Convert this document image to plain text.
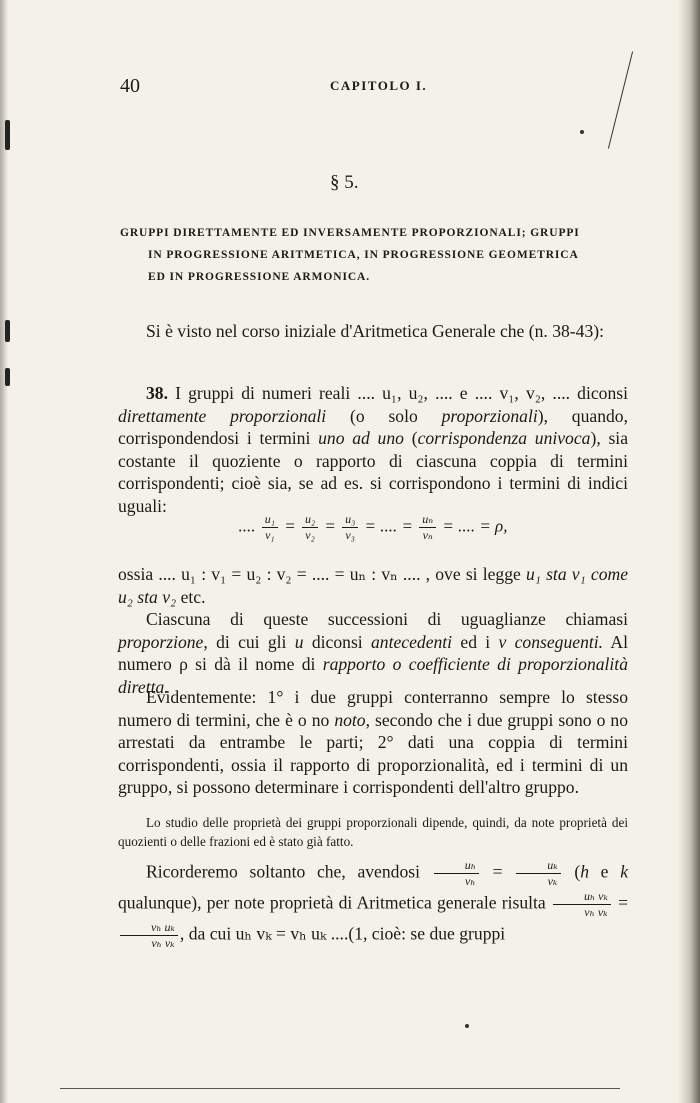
40	CAPITOLO I.
§ 5.
GRUPPI DIRETTAMENTE ED INVERSAMENTE PROPORZIONALI; GRUPPI
IN PROGRESSIONE ARITMETICA, IN PROGRESSIONE GEOMETRICA
ED IN PROGRESSIONE ARMONICA.

Si è visto nel corso iniziale d'Aritmetica Generale che (n. 38-43):

38. I gruppi di numeri reali .... u₁, u₂, .... e .... v₁, v₂, .... diconsi direttamente proporzionali (o solo proporzionali), quando, corrispondendosi i termini uno ad uno (corrispondenza univoca), sia costante il quoziente o rapporto di ciascuna coppia di termini corrispondenti; cioè sia, se ad es. si corrispondono i termini di indici uguali:

.... $\frac{\text{u₁}}{\text{v₁}} = \frac{\text{u₂}}{\text{v₂}} = \frac{\text{u₃}}{\text{v₃}}$ = .... = $\frac{\text{uₙ}}{\text{vₙ}}$ = .... = ρ,

ossia .... u₁ : v₁ = u₂ : v₂ = .... = uₙ : vₙ .... , ove si legge u₁ sta v₁ come u₂ sta v₂ etc.

Ciascuna di queste successioni di uguaglianze chiamasi proporzione, di cui gli u diconsi antecedenti ed i v conseguenti. Al numero ρ si dà il nome di rapporto o coefficiente di proporzionalità diretta.

Evidentemente: 1° i due gruppi conterranno sempre lo stesso numero di termini, che è o no noto, secondo che i due gruppi sono o no arrestati da entrambe le parti; 2° dati una coppia di termini corrispondenti, ossia il rapporto di proporzionalità, ed i termini di un gruppo, si possono determinare i corrispondenti dell'altro gruppo.

Lo studio delle proprietà dei gruppi proporzionali dipende, quindi, da note proprietà dei quozienti o delle frazioni ed è stato già fatto.

Ricorderemo soltanto che, avendosi $\frac{\text{uₕ}}{\text{vₕ}} = \frac{\text{uₖ}}{\text{vₖ}} (h$ e k qualunque), per note proprietà di Aritmetica generale risulta $\frac{\text{uₕ vₖ}}{\text{vₕ vₖ}}$ =
$\frac{\text{vₕ uₖ}}{\text{vₕ vₖ}}$ , da cui uₕ vₖ = vₕ uₖ ....(1, cioè: se due gruppi
